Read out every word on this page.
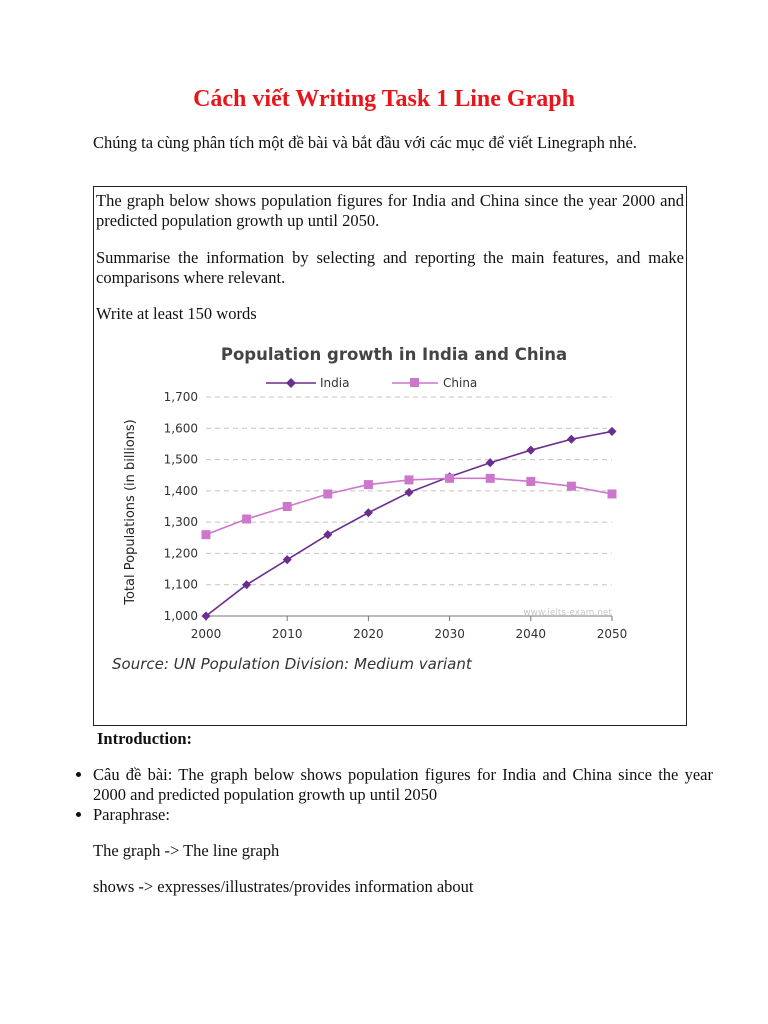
Cách viết Writing Task 1 Line Graph
Chúng ta cùng phân tích một đề bài và bắt đầu với các mục để viết Linegraph nhé.

The graph below shows population figures for India and China since the year 2000 and predicted population growth up until 2050.

Summarise the information by selecting and reporting the main features, and make comparisons where relevant.

Write at least 150 words

Population growth in India and China
India	China
Total Populations (in billions)
1,000
1,100
1,200
1,300
1,400
1,500
1,600
1,700
2000	2010	2020	2030	2040	2050
www.ielts-exam.net
Source: UN Population Division: Medium variant
Introduction:
• Câu đề bài: The graph below shows population figures for India and China since the year 2000 and predicted population growth up until 2050
• Paraphrase:
The graph -> The line graph
shows -> expresses/illustrates/provides information about
